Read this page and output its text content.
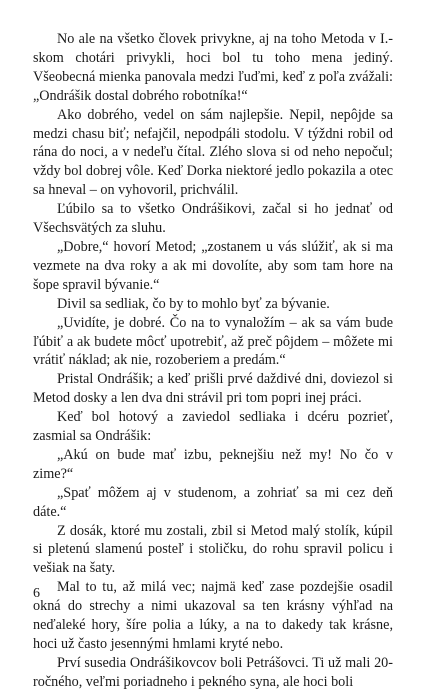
No ale na všetko človek privykne, aj na toho Metoda v I.-skom chotári privykli, hoci bol tu toho mena jediný. Všeobecná mienka panovala medzi ľuďmi, keď z poľa zvážali: „Ondrášik dostal dobrého robotníka!“

Ako dobrého, vedel on sám najlepšie. Nepil, nepôjde sa medzi chasu biť; nefajčil, nepodpáli stodolu. V týždni robil od rána do noci, a v nedeľu čítal. Zlého slova si od neho nepočul; vždy bol dobrej vôle. Keď Dorka niektoré jedlo pokazila a otec sa hneval – on vyhovoril, prichválil.

Ľúbilo sa to všetko Ondrášikovi, začal si ho jednať od Všechsvätých za sluhu.

„Dobre,“ hovorí Metod; „zostanem u vás slúžiť, ak si ma vezmete na dva roky a ak mi dovolíte, aby som tam hore na šope spravil bývanie.“

Divil sa sedliak, čo by to mohlo byť za bývanie.

„Uvidíte, je dobré. Čo na to vynaložím – ak sa vám bude ľúbiť a ak budete môcť upotrebiť, až preč pôjdem – môžete mi vrátiť náklad; ak nie, rozoberiem a predám.“

Pristal Ondrášik; a keď prišli prvé daždivé dni, doviezol si Metod dosky a len dva dni strávil pri tom popri inej práci.

Keď bol hotový a zaviedol sedliaka i dcéru pozrieť, zasmial sa Ondrášik:

„Akú on bude mať izbu, peknejšiu než my! No čo v zime?“

„Spať môžem aj v studenom, a zohriať sa mi cez deň dáte.“

Z dosák, ktoré mu zostali, zbil si Metod malý stolík, kúpil si pletenú slamenú posteľ i stoličku, do rohu spravil policu i vešiak na šaty.

Mal to tu, až milá vec; najmä keď zase pozdejšie osadil okná do strechy a nimi ukazoval sa ten krásny výhľad na neďaleké hory, šíre polia a lúky, a na to dakedy tak krásne, hoci už často jesennými hmlami kryté nebo.

Prví susedia Ondrášikovcov boli Petrášovci. Ti už mali 20-ročného, veľmi poriadneho i pekného syna, ale hoci boli

6
